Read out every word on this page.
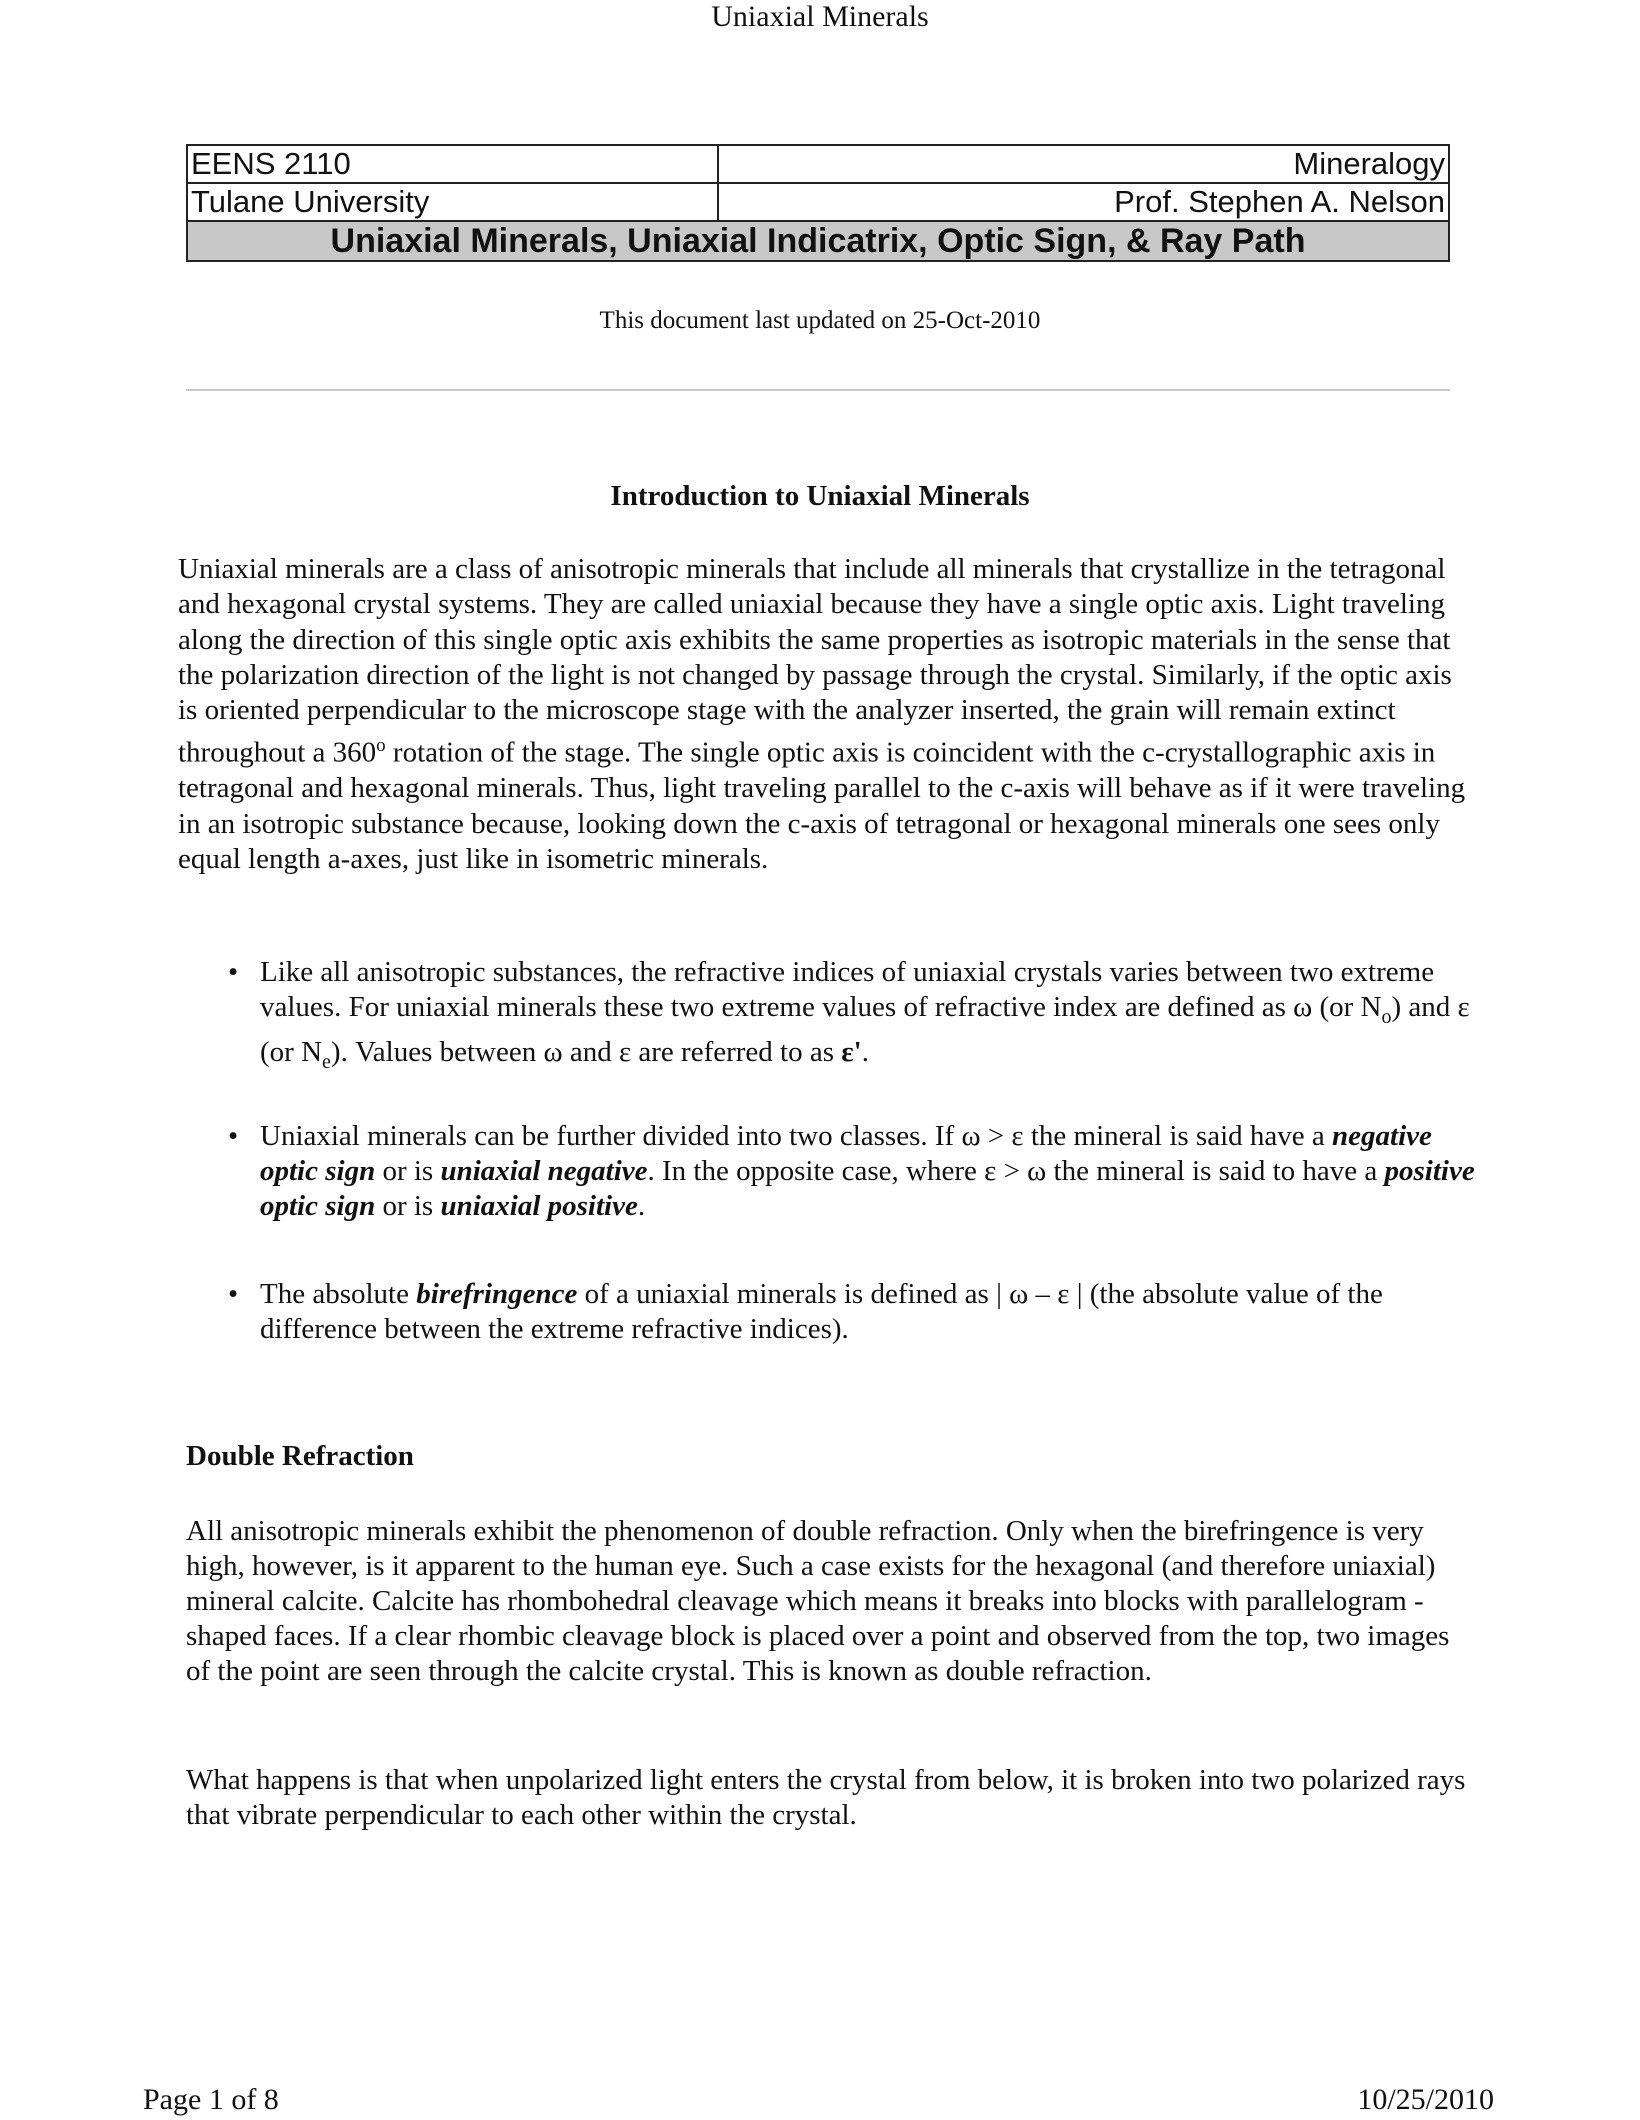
Uniaxial Minerals
EENS 2110	Mineralogy
Tulane University	Prof. Stephen A. Nelson
Uniaxial Minerals, Uniaxial Indicatrix, Optic Sign, & Ray Path	
This document last updated on 25-Oct-2010
Introduction to Uniaxial Minerals

Uniaxial minerals are a class of anisotropic minerals that include all minerals that crystallize in the tetragonal and hexagonal crystal systems. They are called uniaxial because they have a single optic axis. Light traveling along the direction of this single optic axis exhibits the same properties as isotropic materials in the sense that the polarization direction of the light is not changed by passage through the crystal. Similarly, if the optic axis is oriented perpendicular to the microscope stage with the analyzer inserted, the grain will remain extinct throughout a 360$^o$ rotation of the stage. The single optic axis is coincident with the c-crystallographic axis in tetragonal and hexagonal minerals. Thus, light traveling parallel to the c-axis will behave as if it were traveling in an isotropic substance because, looking down the c-axis of tetragonal or hexagonal minerals one sees only equal length a-axes, just like in isometric minerals.

• Like all anisotropic substances, the refractive indices of uniaxial crystals varies between two extreme values. For uniaxial minerals these two extreme values of refractive index are defined as ω (or $N_o$) and ε (or $N_e$). Values between ω and ε are referred to as ε'.
• Uniaxial minerals can be further divided into two classes. If ω > ε the mineral is said have a negative optic sign or is uniaxial negative. In the opposite case, where ε > ω the mineral is said to have a positive optic sign or is uniaxial positive.
• The absolute birefringence of a uniaxial minerals is defined as | ω – ε | (the absolute value of the difference between the extreme refractive indices).
Double Refraction

All anisotropic minerals exhibit the phenomenon of double refraction. Only when the birefringence is very high, however, is it apparent to the human eye. Such a case exists for the hexagonal (and therefore uniaxial) mineral calcite. Calcite has rhombohedral cleavage which means it breaks into blocks with parallelogram - shaped faces. If a clear rhombic cleavage block is placed over a point and observed from the top, two images of the point are seen through the calcite crystal. This is known as double refraction.

What happens is that when unpolarized light enters the crystal from below, it is broken into two polarized rays that vibrate perpendicular to each other within the crystal.

Page 1 of 8	10/25/2010
